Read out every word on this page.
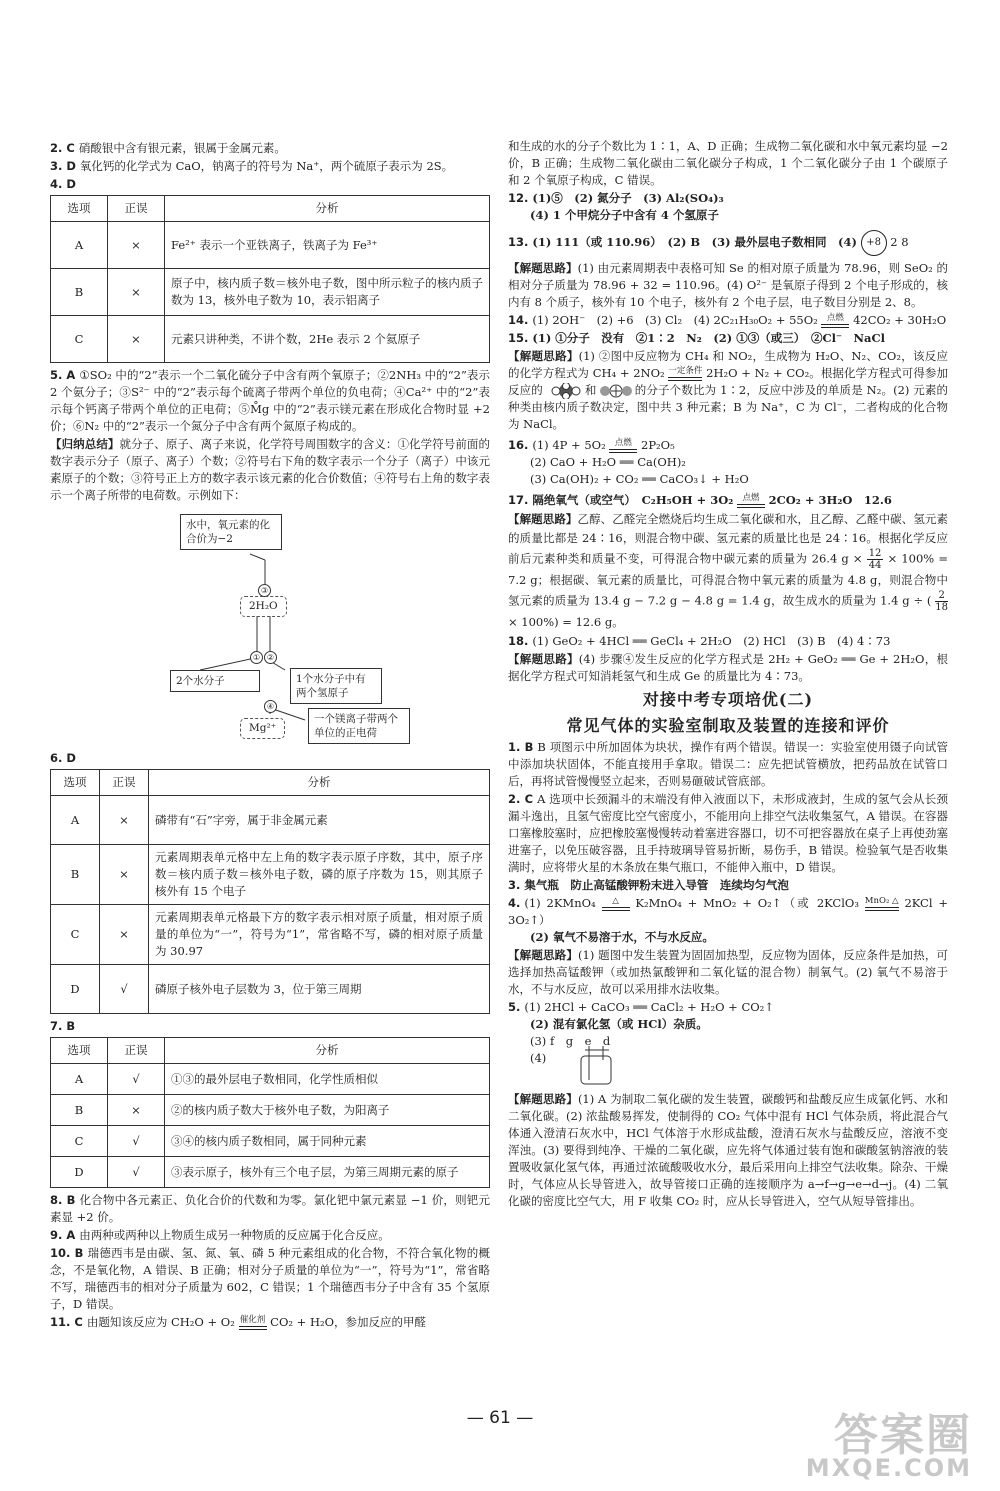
2. C 硝酸银中含有银元素，银属于金属元素。
3. D 氧化钙的化学式为 CaO，钠离子的符号为 Na⁺，两个硫原子表示为 2S。
4. D
选项	正误	分析
A	×	Fe²⁺ 表示一个亚铁离子，铁离子为 Fe³⁺
B	×	原子中，核内质子数＝核外电子数，图中所示粒子的核内质子数为 13，核外电子数为 10，表示铝离子
C	×	元素只讲种类，不讲个数，2He 表示 2 个氦原子
5. A ①SO₂ 中的“2”表示一个二氧化硫分子中含有两个氧原子；②2NH₃ 中的“2”表示 2 个氨分子；③S²⁻ 中的“2”表示每个硫离子带两个单位的负电荷；④Ca²⁺ 中的“2”表示每个钙离子带两个单位的正电荷；⑤M̊g 中的“2”表示镁元素在形成化合物时显 +2 价；⑥N₂ 中的“2”表示一个氮分子中含有两个氮原子构成的。
【归纳总结】就分子、原子、离子来说，化学符号周围数字的含义：①化学符号前面的数字表示分子（原子、离子）个数；②符号右下角的数字表示一个分子（离子）中该元素原子的个数；③符号正上方的数字表示该元素的化合价数值；④符号右上角的数字表示一个离子所带的电荷数。示例如下：
水中，氧元素的化合价为−2
③
2H₂O
① ②
2个水分子	1个水分子中有两个氢原子
④
Mg²⁺
一个镁离子带两个单位的正电荷
6. D
选项	正误	分析
A	×	磷带有“石”字旁，属于非金属元素
B	×	元素周期表单元格中左上角的数字表示原子序数，其中，原子序数＝核内质子数＝核外电子数，磷的原子序数为 15，则其原子核外有 15 个电子
C	×	元素周期表单元格最下方的数字表示相对原子质量，相对原子质量的单位为“一”，符号为“1”，常省略不写，磷的相对原子质量为 30.97
D	√	磷原子核外电子层数为 3，位于第三周期
7. B
选项	正误	分析
A	√	①③的最外层电子数相同，化学性质相似
B	×	②的核内质子数大于核外电子数，为阳离子
C	√	③④的核内质子数相同，属于同种元素
D	√	③表示原子，核外有三个电子层，为第三周期元素的原子
8. B 化合物中各元素正、负化合价的代数和为零。氯化钯中氯元素显 −1 价，则钯元素显 +2 价。
9. A 由两种或两种以上物质生成另一种物质的反应属于化合反应。
10. B 瑞德西韦是由碳、氢、氮、氧、磷 5 种元素组成的化合物，不符合氧化物的概念，不是氧化物，A 错误、B 正确；相对分子质量的单位为“一”，符号为“1”，常省略不写，瑞德西韦的相对分子质量为 602，C 错误；1 个瑞德西韦分子中含有 35 个氢原子，D 错误。
11. C 由题知该反应为 CH₂O + O₂ 催化剂 CO₂ + H₂O，参加反应的甲醛
和生成的水的分子个数比为 1∶1，A、D 正确；生成物二氧化碳和水中氧元素均显 −2 价，B 正确；生成物二氧化碳由二氧化碳分子构成，1 个二氧化碳分子由 1 个碳原子和 2 个氧原子构成，C 错误。
12. (1)⑤　(2) 氮分子　(3) Al₂(SO₄)₃
(4) 1 个甲烷分子中含有 4 个氢原子
13. (1) 111（或 110.96）　(2) B　(3) 最外层电子数相同　(4) +8 2 8
【解题思路】(1) 由元素周期表中表格可知 Se 的相对原子质量为 78.96，则 SeO₂ 的相对分子质量为 78.96 + 32 = 110.96。(4) O²⁻ 是氧原子得到 2 个电子形成的，核内有 8 个质子，核外有 10 个电子，核外有 2 个电子层，电子数目分别是 2、8。
14. (1) 2OH⁻　(2) +6　(3) Cl₂　(4) 2C₂₁H₃₀O₂ + 55O₂ 点燃 42CO₂ + 30H₂O
15. (1) ①分子　没有　②1∶2　N₂　(2) ①③（或三）　②Cl⁻　NaCl
【解题思路】(1) ②图中反应物为 CH₄ 和 NO₂，生成物为 H₂O、N₂、CO₂，该反应的化学方程式为 CH₄ + 2NO₂ 一定条件 2H₂O + N₂ + CO₂。根据化学方程式可得参加反应的	和	的分子个数比为 1∶2，反应中涉及的单质是 N₂。(2) 元素的种类由核内质子数决定，图中共 3 种元素；B 为 Na⁺，C 为 Cl⁻，二者构成的化合物为 NaCl。
16. (1) 4P + 5O₂ 点燃 2P₂O₅
(2) CaO + H₂O ══ Ca(OH)₂
(3) Ca(OH)₂ + CO₂ ══ CaCO₃↓ + H₂O
17. 隔绝氧气（或空气）　C₂H₅OH + 3O₂ 点燃 2CO₂ + 3H₂O　12.6
【解题思路】乙醇、乙醛完全燃烧后均生成二氧化碳和水，且乙醇、乙醛中碳、氢元素的质量比都是 24∶16，则混合物中碳、氢元素的质量比也是 24∶16。根据化学反应前后元素种类和质量不变，可得混合物中碳元素的质量为 26.4 $g \times \frac{12}{44} \times 100\% = 7.2$ g；根据碳、氧元素的质量比，可得混合物中氧元素的质量为 4.8 g，则混合物中氢元素的质量为 13.4 g − 7.2 g − 4.8 g = 1.4 g，故生成水的质量为 1.4 g ÷ ( $\frac{2}{18}$
× 100%) = 12.6 g。
18. (1) GeO₂ + 4HCl ══ GeCl₄ + 2H₂O　(2) HCl　(3) B　(4) 4∶73
【解题思路】(4) 步骤④发生反应的化学方程式是 2H₂ + GeO₂ ══ Ge + 2H₂O，根据化学方程式可知消耗氢气和生成 Ge 的质量比为 4∶73。
对接中考专项培优(二)
常见气体的实验室制取及装置的连接和评价
1. B B 项图示中所加固体为块状，操作有两个错误。错误一：实验室使用镊子向试管中添加块状固体，不能直接用手拿取。错误二：应先把试管横放，把药品放在试管口后，再将试管慢慢竖立起来，否则易砸破试管底部。
2. C A 选项中长颈漏斗的末端没有伸入液面以下，未形成液封，生成的氢气会从长颈漏斗逸出，且氢气密度比空气密度小，不能用向上排空气法收集氢气，A 错误。在容器口塞橡胶塞时，应把橡胶塞慢慢转动着塞进容器口，切不可把容器放在桌子上再使劲塞进塞子，以免压破容器，且手持玻璃导管易折断，易伤手，B 错误。检验氧气是否收集满时，应将带火星的木条放在集气瓶口，不能伸入瓶中，D 错误。
3. 集气瓶　防止高锰酸钾粉末进入导管　连续均匀气泡
4. (1) 2KMnO₄ △ K₂MnO₄ + MnO₂ + O₂↑（或 2KClO₃ MnO₂ △ 2KCl + 3O₂↑）
(2) 氧气不易溶于水，不与水反应。
【解题思路】(1) 题图中发生装置为固固加热型，反应物为固体，反应条件是加热，可选择加热高锰酸钾（或加热氯酸钾和二氧化锰的混合物）制氧气。(2) 氧气不易溶于水，不与水反应，故可以采用排水法收集。
5. (1) 2HCl + CaCO₃ ══ CaCl₂ + H₂O + CO₂↑
(2) 混有氯化氢（或 HCl）杂质。
(3) f　g　e　d
(4)
【解题思路】(1) A 为制取二氧化碳的发生装置，碳酸钙和盐酸反应生成氯化钙、水和二氧化碳。(2) 浓盐酸易挥发，使制得的 CO₂ 气体中混有 HCl 气体杂质，将此混合气体通入澄清石灰水中，HCl 气体溶于水形成盐酸，澄清石灰水与盐酸反应，溶液不变浑浊。(3) 要得到纯净、干燥的二氧化碳，应先将气体通过装有饱和碳酸氢钠溶液的装置吸收氯化氢气体，再通过浓硫酸吸收水分，最后采用向上排空气法收集。除杂、干燥时，气体应从长导管进入，故导管接口正确的连接顺序为 a→f→g→e→d→j。(4) 二氧化碳的密度比空气大，用 F 收集 CO₂ 时，应从长导管进入，空气从短导管排出。
— 61 —	答案圈
MXQE.COM
